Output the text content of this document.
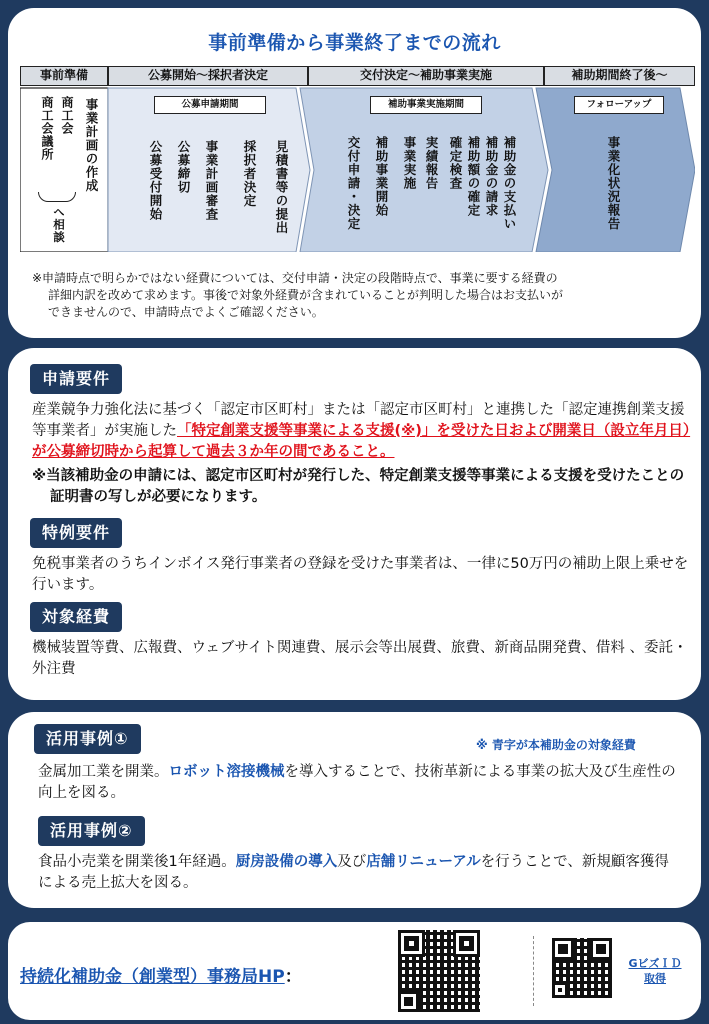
事前準備から事業終了までの流れ
事前準備	公募開始～採択者決定	交付決定～補助事業実施	補助期間終了後～
事業計画の作成
商工会
商工会議所
へ相談
公募申請期間
公募受付開始 公募締切 事業計画審査 採択者決定 見積書等の提出
補助事業実施期間
交付申請・決定 補助事業開始 事業実施 実績報告 確定検査 補助額の確定 補助金の請求 補助金の支払い
フォローアップ
事業化状況報告

※申請時点で明らかではない経費については、交付申請・決定の段階時点で、事業に要する経費の

詳細内訳を改めて求めます。事後で対象外経費が含まれていることが判明した場合はお支払いが

できませんので、申請時点でよくご確認ください。

申請要件
産業競争力強化法に基づく「認定市区町村」または「認定市区町村」と連携した「認定連携創業支援等事業者」が実施した「特定創業支援等事業による支援(※)」を受けた日および開業日（設立年月日）が公募締切時から起算して過去３か年の間であること。
※当該補助金の申請には、認定市区町村が発行した、特定創業支援等事業による支援を受けたことの証明書の写しが必要になります。
特例要件
免税事業者のうちインボイス発行事業者の登録を受けた事業者は、一律に50万円の補助上限上乗せを行います。
対象経費
機械装置等費、広報費、ウェブサイト関連費、展示会等出展費、旅費、新商品開発費、借料 、委託・外注費
活用事例①	※ 青字が本補助金の対象経費
金属加工業を開業。ロボット溶接機械を導入することで、技術革新による事業の拡大及び生産性の向上を図る。
活用事例②
食品小売業を開業後1年経過。厨房設備の導入及び店舗リニューアルを行うことで、新規顧客獲得による売上拡大を図る。
持続化補助金（創業型）事務局HP：
GビズＩＤ
取得
